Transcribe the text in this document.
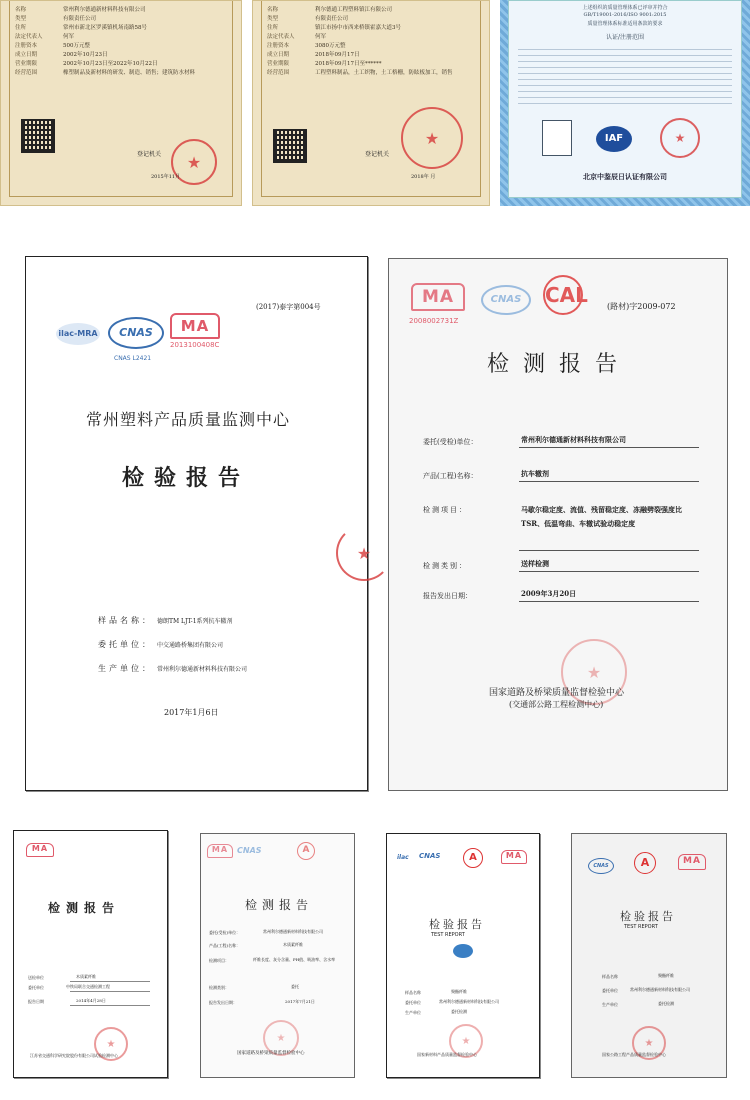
名称	常州利尔德通新材料科技有限公司
类型	有限责任公司
住所	常州市新北区罗溪镇机场南路58号
法定代表人	何军
注册资本	500万元整
成立日期	2002年10月23日
营业期限	2002年10月23日至2022年10月22日
经营范围	橡塑制品及新材料的研发、制造、销售；建筑防水材料
★
登记机关
2015年11月
名称	利尔德通工程塑料镇江有限公司
类型	有限责任公司
住所	镇江市扬中市西来桥镇霍嘉大道3号
法定代表人	何军
注册资本	3080万元整
成立日期	2018年09月17日
营业期限	2018年09月17日至******
经营范围	工程塑料制品，土工织物，土工格栅，防眩板加工，销售
★
登记机关
2018年 月
上述组织的质量管理体系已评审并符合
GB/T19001-2016/ISO 9001:2015
质量管理体系标准适用条款的要求
认证/注册范围
IAF	★
北京中鉴辰日认证有限公司
(2017)泰字第004号
ilac-MRA	CNAS	MA
2013100408C
CNAS L2421
常州塑料产品质量监测中心
检验报告
★
样品名称： 德朗TM LJT-1系列抗车辙剂
委托单位： 中交通路桥集团有限公司
生产单位： 常州利尔德通新材料科技有限公司
2017年1月6日
MA
2008002731Z
CNAS	CAL (路材)字2009-072
检测报告
委托(受检)单位：	常州利尔德通新材料科技有限公司
产品(工程)名称：	抗车辙剂
检测项目：	马歇尔稳定度、流值、残留稳定度、冻融劈裂强度比TSR、低温弯曲、车辙试验动稳定度
检测类别：	送样检测
报告发出日期：	2009年3月20日
★
国家道路及桥梁质量监督检验中心
(交通部公路工程检测中心)
MA
检测报告
送检单位	木质素纤维
委托单位	中铁局联合交通检测工程
报告日期	2014年4月28日
★
江苏省交通科学研究院股份有限公司试验检测中心
MA	CNAS	A
检测报告
委托(受检)单位：	常州利尔德通新材料科技有限公司
产品(工程)名称：	木质素纤维
检测项目：	纤维长度、灰分含量、PH值、吸油率、含水率
检测类别：	委托
报告发出日期：	2017年7月21日
★
国家道路及桥梁质量监督检验中心
ilac CNAS	A	MA
检验报告
TEST REPORT
样品名称	聚酯纤维
委托单位	常州利尔德通新材料科技有限公司
生产单位	委托检测
★
国家新材料产品质量监督检验中心
CNAS	A	MA
检验报告
TEST REPORT
样品名称	聚酯纤维
委托单位	常州利尔德通新材料科技有限公司
生产单位	委托检测
★
国家公路工程产品质量监督检验中心
